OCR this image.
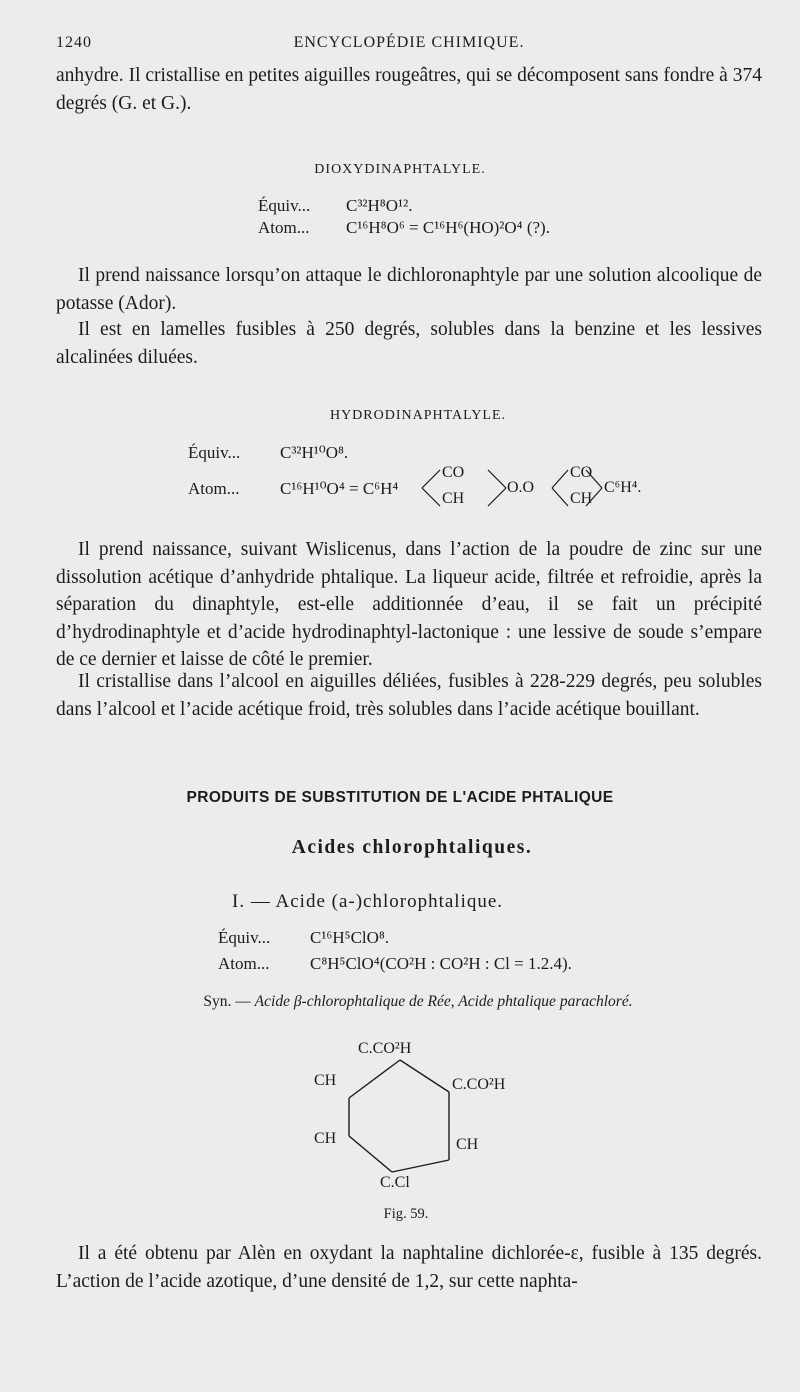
1240	ENCYCLOPÉDIE CHIMIQUE.
anhydre. Il cristallise en petites aiguilles rougeâtres, qui se décomposent sans fondre à 374 degrés (G. et G.).
DIOXYDINAPHTALYLE.
Équiv... C³²H⁸O¹².
Atom... C¹⁶H⁸O⁶ = C¹⁶H⁶(HO)²O⁴ (?).
Il prend naissance lorsqu’on attaque le dichloronaphtyle par une solution alcoolique de potasse (Ador).
Il est en lamelles fusibles à 250 degrés, solubles dans la benzine et les lessives alcalinées diluées.
HYDRODINAPHTALYLE.
Équiv... C³²H¹⁰O⁸.
Atom... C¹⁶H¹⁰O⁴ = C⁶H⁴
CO
CH
O.O
CO
CH
C⁶H⁴.
Il prend naissance, suivant Wislicenus, dans l’action de la poudre de zinc sur une dissolution acétique d’anhydride phtalique. La liqueur acide, filtrée et refroidie, après la séparation du dinaphtyle, est-elle additionnée d’eau, il se fait un précipité d’hydrodinaphtyle et d’acide hydrodinaphtyl-lactonique : une lessive de soude s’empare de ce dernier et laisse de côté le premier.
Il cristallise dans l’alcool en aiguilles déliées, fusibles à 228-229 degrés, peu solubles dans l’alcool et l’acide acétique froid, très solubles dans l’acide acétique bouillant.
PRODUITS DE SUBSTITUTION DE L'ACIDE PHTALIQUE
Acides chlorophtaliques.
I. — Acide (a-)chlorophtalique.
Équiv... C¹⁶H⁵ClO⁸.
Atom... C⁸H⁵ClO⁴(CO²H : CO²H : Cl = 1.2.4).
Syn. — Acide β-chlorophtalique de Rée, Acide phtalique parachloré.
C.CO²H
CH	C.CO²H
CH	CH
C.Cl
Fig. 59.
Il a été obtenu par Alèn en oxydant la naphtaline dichlorée-ε, fusible à 135 degrés. L’action de l’acide azotique, d’une densité de 1,2, sur cette naphta-
